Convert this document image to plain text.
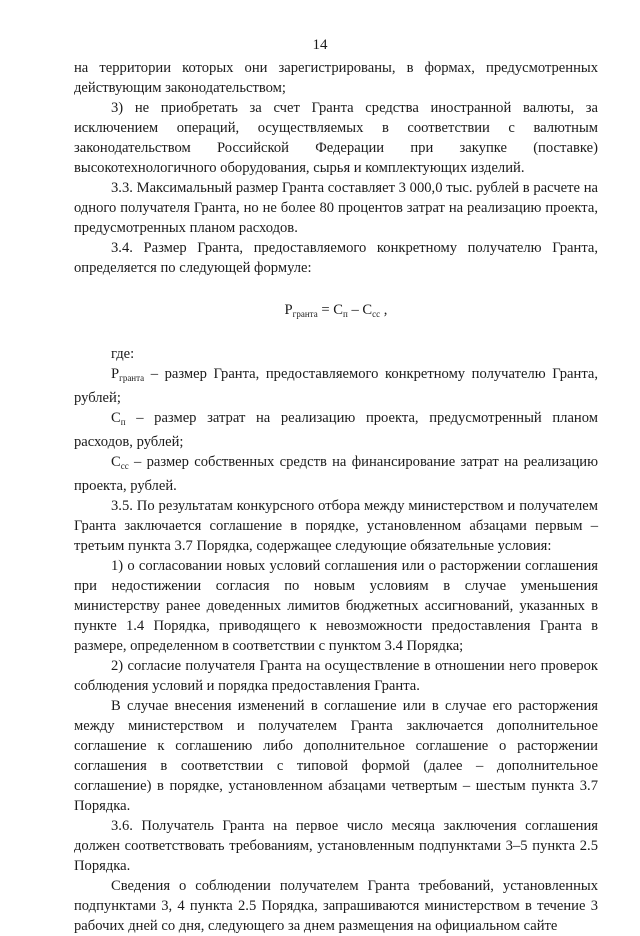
14

на территории которых они зарегистрированы, в формах, предусмотренных действующим законодательством;

3) не приобретать за счет Гранта средства иностранной валюты, за исключением операций, осуществляемых в соответствии с валютным законодательством Российской Федерации при закупке (поставке) высокотехнологичного оборудования, сырья и комплектующих изделий.

3.3. Максимальный размер Гранта составляет 3 000,0 тыс. рублей в расчете на одного получателя Гранта, но не более 80 процентов затрат на реализацию проекта, предусмотренных планом расходов.

3.4. Размер Гранта, предоставляемого конкретному получателю Гранта, определяется по следующей формуле:

$P_{гранта} = С_п - С_{сс}$ ,

где:

$P_{гранта}$ – размер Гранта, предоставляемого конкретному получателю Гранта, рублей;

$С_п$ – размер затрат на реализацию проекта, предусмотренный планом расходов, рублей;

$С_{сс}$ – размер собственных средств на финансирование затрат на реализацию проекта, рублей.

3.5. По результатам конкурсного отбора между министерством и получателем Гранта заключается соглашение в порядке, установленном абзацами первым – третьим пункта 3.7 Порядка, содержащее следующие обязательные условия:

1) о согласовании новых условий соглашения или о расторжении соглашения при недостижении согласия по новым условиям в случае уменьшения министерству ранее доведенных лимитов бюджетных ассигнований, указанных в пункте 1.4 Порядка, приводящего к невозможности предоставления Гранта в размере, определенном в соответствии с пунктом 3.4 Порядка;

2) согласие получателя Гранта на осуществление в отношении него проверок соблюдения условий и порядка предоставления Гранта.

В случае внесения изменений в соглашение или в случае его расторжения между министерством и получателем Гранта заключается дополнительное соглашение к соглашению либо дополнительное соглашение о расторжении соглашения в соответствии с типовой формой (далее – дополнительное соглашение) в порядке, установленном абзацами четвертым – шестым пункта 3.7 Порядка.

3.6. Получатель Гранта на первое число месяца заключения соглашения должен соответствовать требованиям, установленным подпунктами 3–5 пункта 2.5 Порядка.

Сведения о соблюдении получателем Гранта требований, установленных подпунктами 3, 4 пункта 2.5 Порядка, запрашиваются министерством в течение 3 рабочих дней со дня, следующего за днем размещения на официальном сайте
